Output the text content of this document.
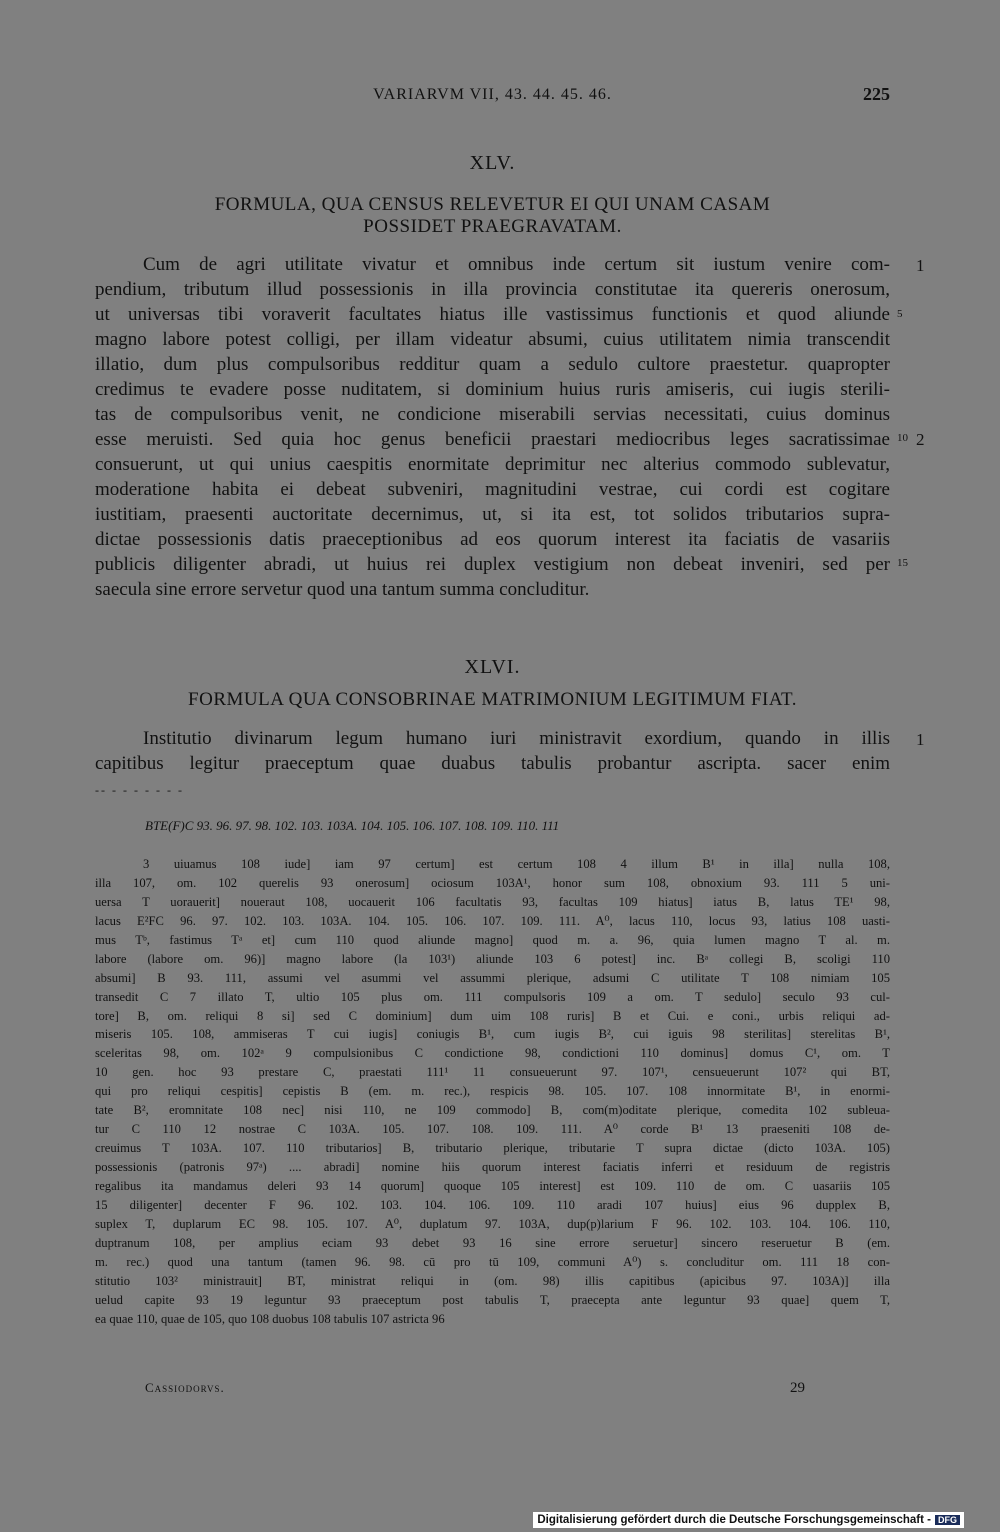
VARIARVM VII, 43. 44. 45. 46.	225
XLV.
FORMULA, QUA CENSUS RELEVETUR EI QUI UNAM CASAM
POSSIDET PRAEGRAVATAM.
Cum de agri utilitate vivatur et omnibus inde certum sit iustum venire com-
pendium, tributum illud possessionis in illa provincia constitutae ita quereris onerosum,
ut universas tibi voraverit facultates hiatus ille vastissimus functionis et quod aliunde
magno labore potest colligi, per illam videatur absumi, cuius utilitatem nimia transcendit
illatio, dum plus compulsoribus redditur quam a sedulo cultore praestetur. quapropter
credimus te evadere posse nuditatem, si dominium huius ruris amiseris, cui iugis sterili-
tas de compulsoribus venit, ne condicione miserabili servias necessitati, cuius dominus
esse meruisti. Sed quia hoc genus beneficii praestari mediocribus leges sacratissimae
consuerunt, ut qui unius caespitis enormitate deprimitur nec alterius commodo sublevatur,
moderatione habita ei debeat subveniri, magnitudini vestrae, cui cordi est cogitare
iustitiam, praesenti auctoritate decernimus, ut, si ita est, tot solidos tributarios supra-
dictae possessionis datis praeceptionibus ad eos quorum interest ita faciatis de vasariis
publicis diligenter abradi, ut huius rei duplex vestigium non debeat inveniri, sed per
saecula sine errore servetur quod una tantum summa concluditur.
1
5
10 2
15
XLVI.
FORMULA QUA CONSOBRINAE MATRIMONIUM LEGITIMUM FIAT.
Institutio divinarum legum humano iuri ministravit exordium, quando in illis
capitibus legitur praeceptum quae duabus tabulis probantur ascripta. sacer enim
1
-- - - - - - - -
BTE(F)C 93. 96. 97. 98. 102. 103. 103A. 104. 105. 106. 107. 108. 109. 110. 111
3 uiuamus 108 iude] iam 97 certum] est certum 108 4 illum B¹ in illa] nulla 108,
illa 107, om. 102 querelis 93 onerosum] ociosum 103A¹, honor sum 108, obnoxium 93. 111 5 uni-
uersa T uorauerit] noueraut 108, uocauerit 106 facultatis 93, facultas 109 hiatus] iatus B, latus TE¹ 98,
lacus E²FC 96. 97. 102. 103. 103A. 104. 105. 106. 107. 109. 111. A⁰, lacus 110, locus 93, latius 108 uasti-
mus Tᵇ, fastimus Tᵃ et] cum 110 quod aliunde magno] quod m. a. 96, quia lumen magno T al. m.
labore (labore om. 96)] magno labore (la 103¹) aliunde 103 6 potest] inc. Bᵃ collegi B, scoligi 110
absumi] B 93. 111, assumi vel asummi vel assummi plerique, adsumi C utilitate T 108 nimiam 105
transedit C 7 illato T, ultio 105 plus om. 111 compulsoris 109 a om. T sedulo] seculo 93 cul-
tore] B, om. reliqui 8 si] sed C dominium] dum uim 108 ruris] B et Cui. e coni., urbis reliqui ad-
miseris 105. 108, ammiseras T cui iugis] coniugis B¹, cum iugis B², cui iguis 98 sterilitas] sterelitas B¹,
sceleritas 98, om. 102ᵃ 9 compulsionibus C condictione 98, condictioni 110 dominus] domus C¹, om. T
10 gen. hoc 93 prestare C, praestati 111¹ 11 consueuerunt 97. 107¹, censueuerunt 107² qui BT,
qui pro reliqui cespitis] cepistis B (em. m. rec.), respicis 98. 105. 107. 108 innormitate B¹, in enormi-
tate B², eromnitate 108 nec] nisi 110, ne 109 commodo] B, com(m)oditate plerique, comedita 102 subleua-
tur C 110 12 nostrae C 103A. 105. 107. 108. 109. 111. A⁰ corde B¹ 13 praeseniti 108 de-
creuimus T 103A. 107. 110 tributarios] B, tributario plerique, tributarie T supra dictae (dicto 103A. 105)
possessionis (patronis 97ᵃ) .... abradi] nomine hiis quorum interest faciatis inferri et residuum de registris
regalibus ita mandamus deleri 93 14 quorum] quoque 105 interest] est 109. 110 de om. C uasariis 105
15 diligenter] decenter F 96. 102. 103. 104. 106. 109. 110 aradi 107 huius] eius 96 dupplex B,
suplex T, duplarum EC 98. 105. 107. A⁰, duplatum 97. 103A, dup(p)larium F 96. 102. 103. 104. 106. 110,
duptranum 108, per amplius eciam 93 debet 93 16 sine errore seruetur] sincero reseruetur B (em.
m. rec.) quod una tantum (tamen 96. 98. cū pro tū 109, communi A⁰) s. concluditur om. 111 18 con-
stitutio 103² ministrauit] BT, ministrat reliqui in (om. 98) illis capitibus (apicibus 97. 103A)] illa
uelud capite 93 19 leguntur 93 praeceptum post tabulis T, praecepta ante leguntur 93 quae] quem T,
ea quae 110, quae de 105, quo 108 duobus 108 tabulis 107 astricta 96
Cassiodorvs.	29
Digitalisierung gefördert durch die Deutsche Forschungsgemeinschaft - DFG
